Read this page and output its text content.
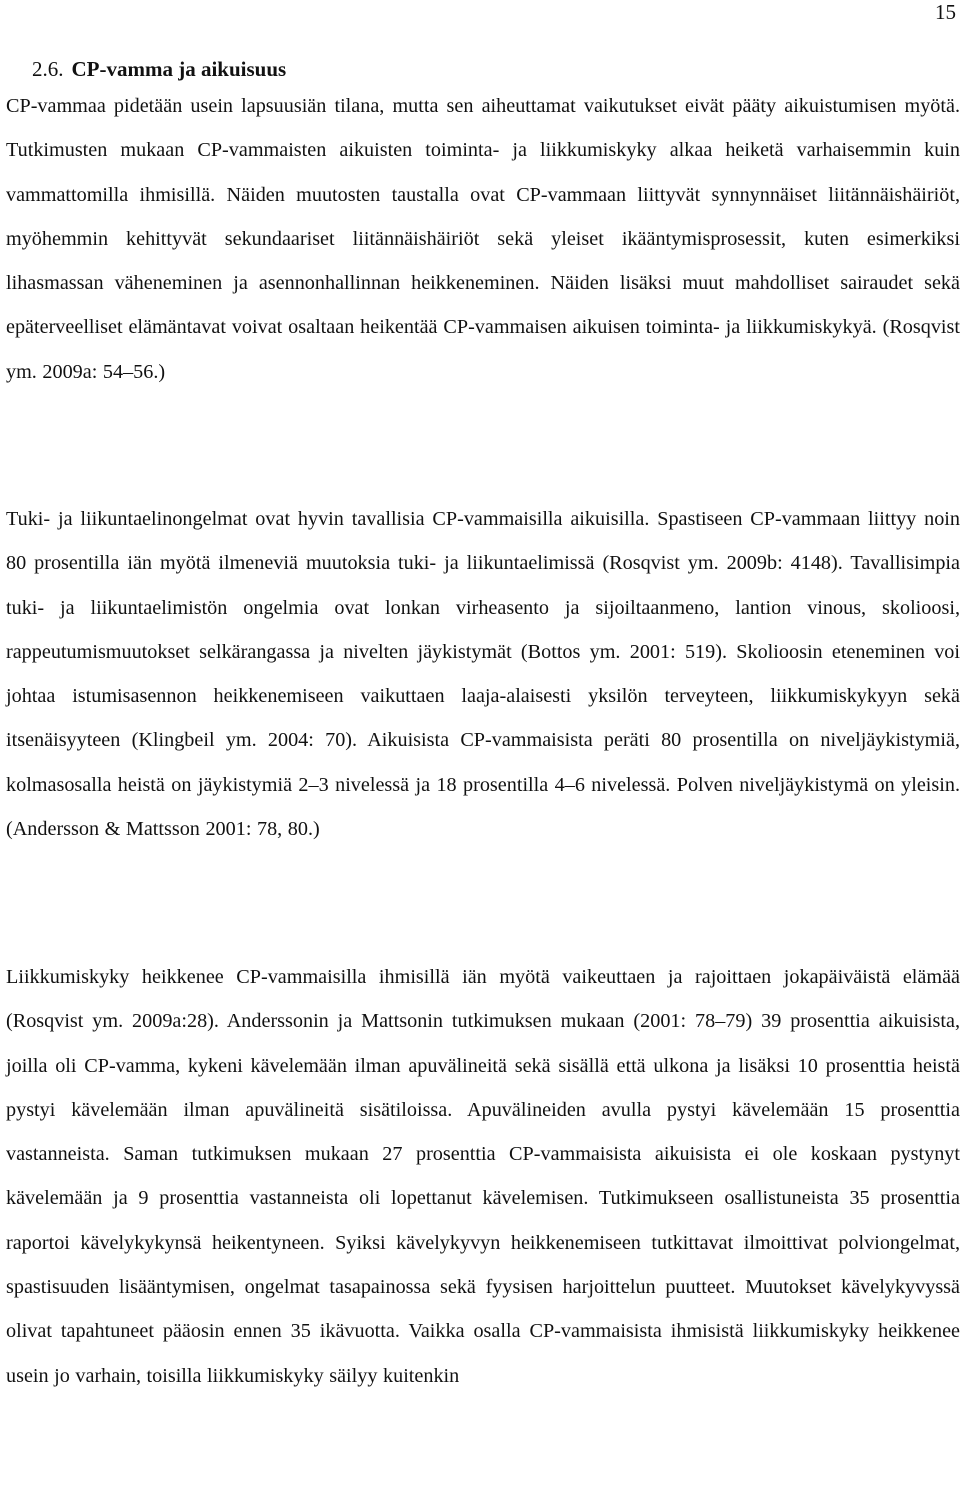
15
2.6. CP-vamma ja aikuisuus

CP-vammaa pidetään usein lapsuusiän tilana, mutta sen aiheuttamat vaikutukset eivät pääty aikuistumisen myötä. Tutkimusten mukaan CP-vammaisten aikuisten toiminta- ja liikkumiskyky alkaa heiketä varhaisemmin kuin vammattomilla ihmisillä. Näiden muutosten taustalla ovat CP-vammaan liittyvät synnynnäiset liitännäishäiriöt, myöhemmin kehittyvät sekundaariset liitännäishäiriöt sekä yleiset ikääntymisprosessit, kuten esimerkiksi lihasmassan väheneminen ja asennonhallinnan heikkeneminen. Näiden lisäksi muut mahdolliset sairaudet sekä epäterveelliset elämäntavat voivat osaltaan heikentää CP-vammaisen aikuisen toiminta- ja liikkumiskykyä. (Rosqvist ym. 2009a: 54–56.)

Tuki- ja liikuntaelinongelmat ovat hyvin tavallisia CP-vammaisilla aikuisilla. Spastiseen CP-vammaan liittyy noin 80 prosentilla iän myötä ilmeneviä muutoksia tuki- ja liikuntaelimissä (Rosqvist ym. 2009b: 4148). Tavallisimpia tuki- ja liikuntaelimistön ongelmia ovat lonkan virheasento ja sijoiltaanmeno, lantion vinous, skolioosi, rappeutumismuutokset selkärangassa ja nivelten jäykistymät (Bottos ym. 2001: 519). Skolioosin eteneminen voi johtaa istumisasennon heikkenemiseen vaikuttaen laaja-alaisesti yksilön terveyteen, liikkumiskykyyn sekä itsenäisyyteen (Klingbeil ym. 2004: 70). Aikuisista CP-vammaisista peräti 80 prosentilla on niveljäykistymiä, kolmasosalla heistä on jäykistymiä 2–3 nivelessä ja 18 prosentilla 4–6 nivelessä. Polven niveljäykistymä on yleisin. (Andersson & Mattsson 2001: 78, 80.)

Liikkumiskyky heikkenee CP-vammaisilla ihmisillä iän myötä vaikeuttaen ja rajoittaen jokapäiväistä elämää (Rosqvist ym. 2009a:28). Anderssonin ja Mattsonin tutkimuksen mukaan (2001: 78–79) 39 prosenttia aikuisista, joilla oli CP-vamma, kykeni kävelemään ilman apuvälineitä sekä sisällä että ulkona ja lisäksi 10 prosenttia heistä pystyi kävelemään ilman apuvälineitä sisätiloissa. Apuvälineiden avulla pystyi kävelemään 15 prosenttia vastanneista. Saman tutkimuksen mukaan 27 prosenttia CP-vammaisista aikuisista ei ole koskaan pystynyt kävelemään ja 9 prosenttia vastanneista oli lopettanut kävelemisen. Tutkimukseen osallistuneista 35 prosenttia raportoi kävelykykynsä heikentyneen. Syiksi kävelykyvyn heikkenemiseen tutkittavat ilmoittivat polviongelmat, spastisuuden lisääntymisen, ongelmat tasapainossa sekä fyysisen harjoittelun puutteet. Muutokset kävelykyvyssä olivat tapahtuneet pääosin ennen 35 ikävuotta. Vaikka osalla CP-vammaisista ihmisistä liikkumiskyky heikkenee usein jo varhain, toisilla liikkumiskyky säilyy kuitenkin
